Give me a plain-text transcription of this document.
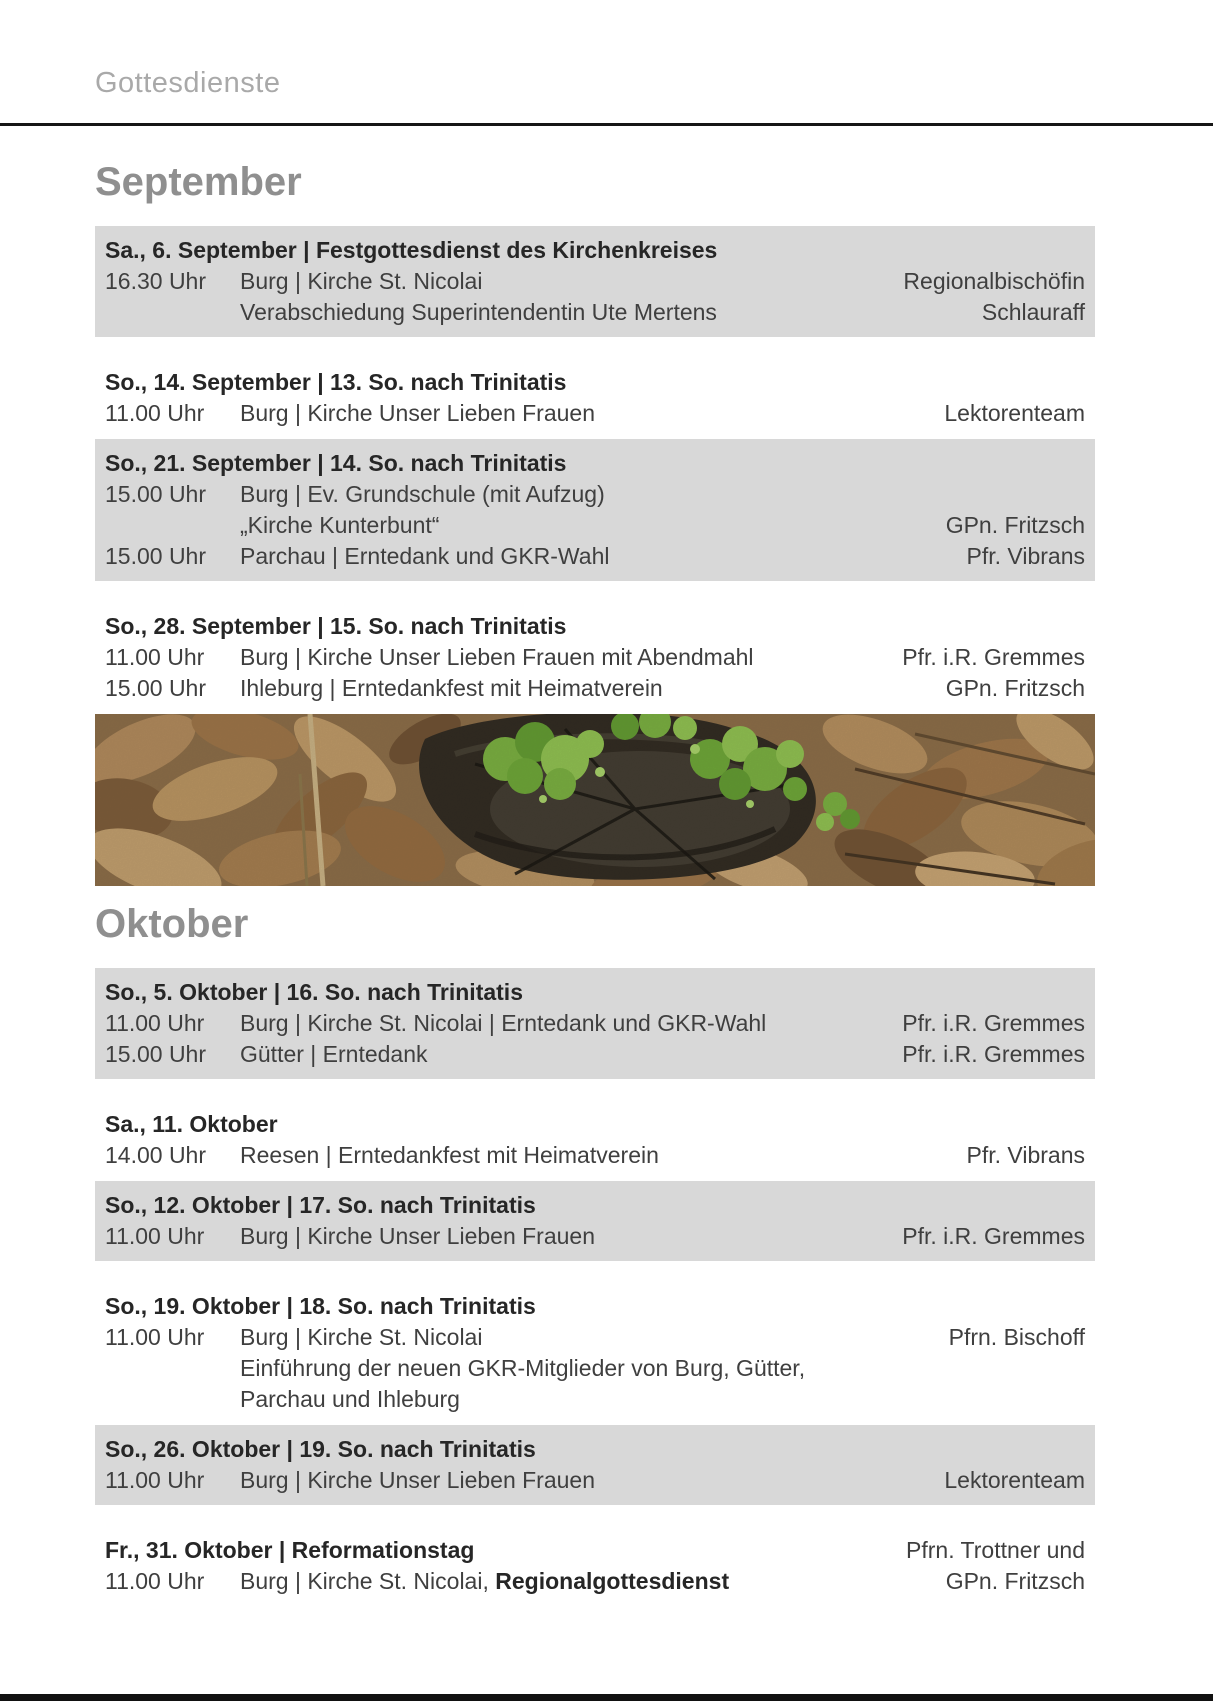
Gottesdienste
September
Sa., 6. September | Festgottesdienst des Kirchenkreises
16.30 Uhr	Burg | Kirche St. Nicolai	Regionalbischöfin
Verabschiedung Superintendentin Ute Mertens	Schlauraff
So., 14. September | 13. So. nach Trinitatis
11.00 Uhr	Burg | Kirche Unser Lieben Frauen	Lektorenteam
So., 21. September | 14. So. nach Trinitatis
15.00 Uhr	Burg | Ev. Grundschule (mit Aufzug)
„Kirche Kunterbunt“	GPn. Fritzsch
15.00 Uhr	Parchau | Erntedank und GKR-Wahl	Pfr. Vibrans
So., 28. September | 15. So. nach Trinitatis
11.00 Uhr	Burg | Kirche Unser Lieben Frauen mit Abendmahl	Pfr. i.R. Gremmes
15.00 Uhr	Ihleburg | Erntedankfest mit Heimatverein	GPn. Fritzsch
Oktober
So., 5. Oktober | 16. So. nach Trinitatis
11.00 Uhr	Burg | Kirche St. Nicolai | Erntedank und GKR-Wahl	Pfr. i.R. Gremmes
15.00 Uhr	Gütter | Erntedank	Pfr. i.R. Gremmes
Sa., 11. Oktober
14.00 Uhr	Reesen | Erntedankfest mit Heimatverein	Pfr. Vibrans
So., 12. Oktober | 17. So. nach Trinitatis
11.00 Uhr	Burg | Kirche Unser Lieben Frauen	Pfr. i.R. Gremmes
So., 19. Oktober | 18. So. nach Trinitatis
11.00 Uhr	Burg | Kirche St. Nicolai	Pfrn. Bischoff
Einführung der neuen GKR-Mitglieder von Burg, Gütter,
Parchau und Ihleburg
So., 26. Oktober | 19. So. nach Trinitatis
11.00 Uhr	Burg | Kirche Unser Lieben Frauen	Lektorenteam
Fr., 31. Oktober | Reformationstag	Pfrn. Trottner und
11.00 Uhr	Burg | Kirche St. Nicolai, Regionalgottesdienst	GPn. Fritzsch
